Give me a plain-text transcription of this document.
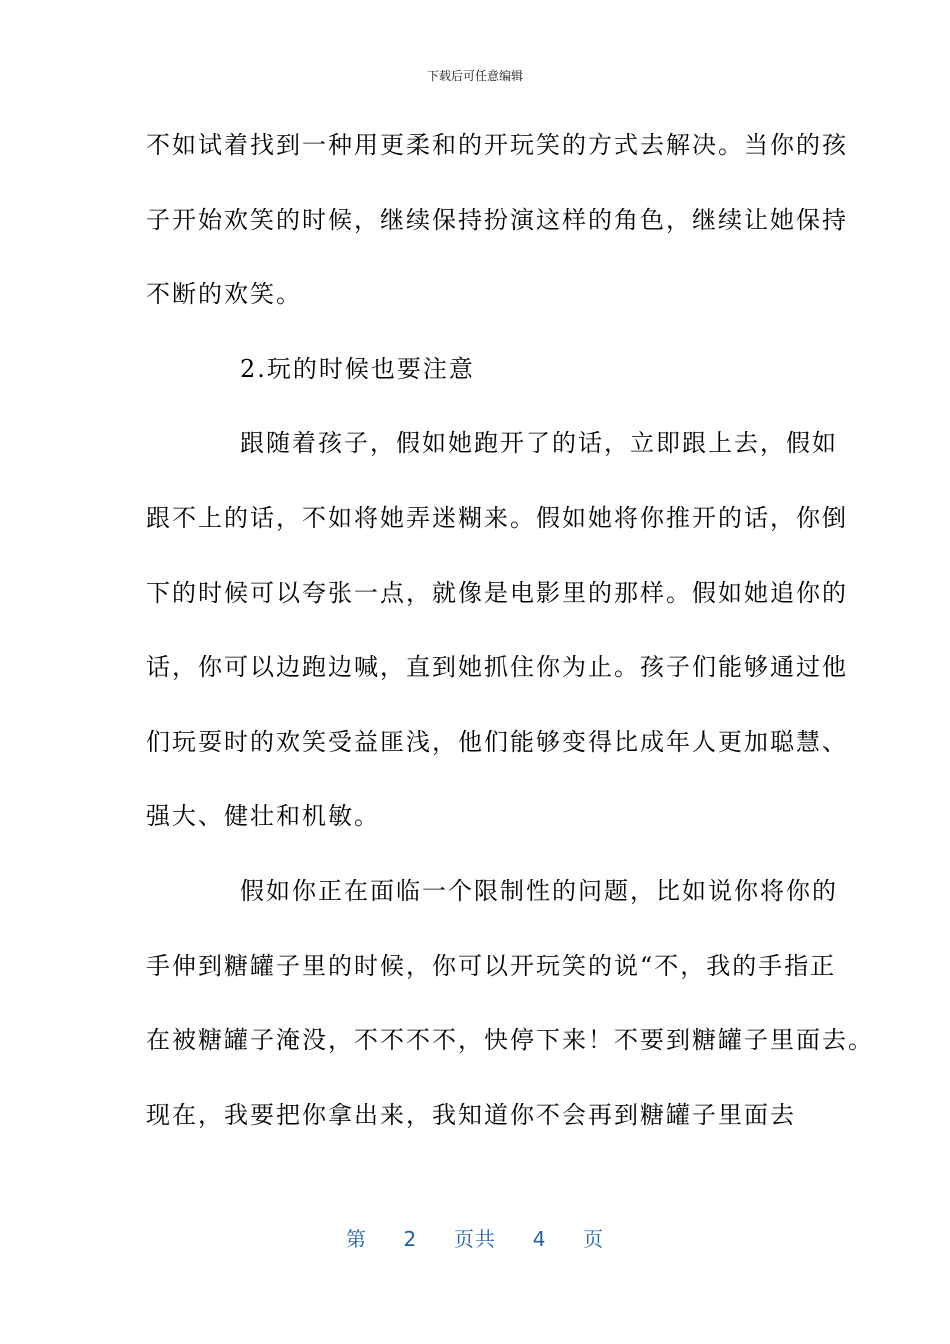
下载后可任意编辑
不如试着找到一种用更柔和的开玩笑的方式去解决。当你的孩
子开始欢笑的时候，继续保持扮演这样的角色，继续让她保持
不断的欢笑。
2.玩的时候也要注意
跟随着孩子，假如她跑开了的话，立即跟上去，假如
跟不上的话，不如将她弄迷糊来。假如她将你推开的话，你倒
下的时候可以夸张一点，就像是电影里的那样。假如她追你的
话，你可以边跑边喊，直到她抓住你为止。孩子们能够通过他
们玩耍时的欢笑受益匪浅，他们能够变得比成年人更加聪慧、
强大、健壮和机敏。
假如你正在面临一个限制性的问题，比如说你将你的
手伸到糖罐子里的时候，你可以开玩笑的说“不，我的手指正
在被糖罐子淹没，不不不不，快停下来！不要到糖罐子里面去。
现在，我要把你拿出来，我知道你不会再到糖罐子里面去
第 2 页共 4 页
